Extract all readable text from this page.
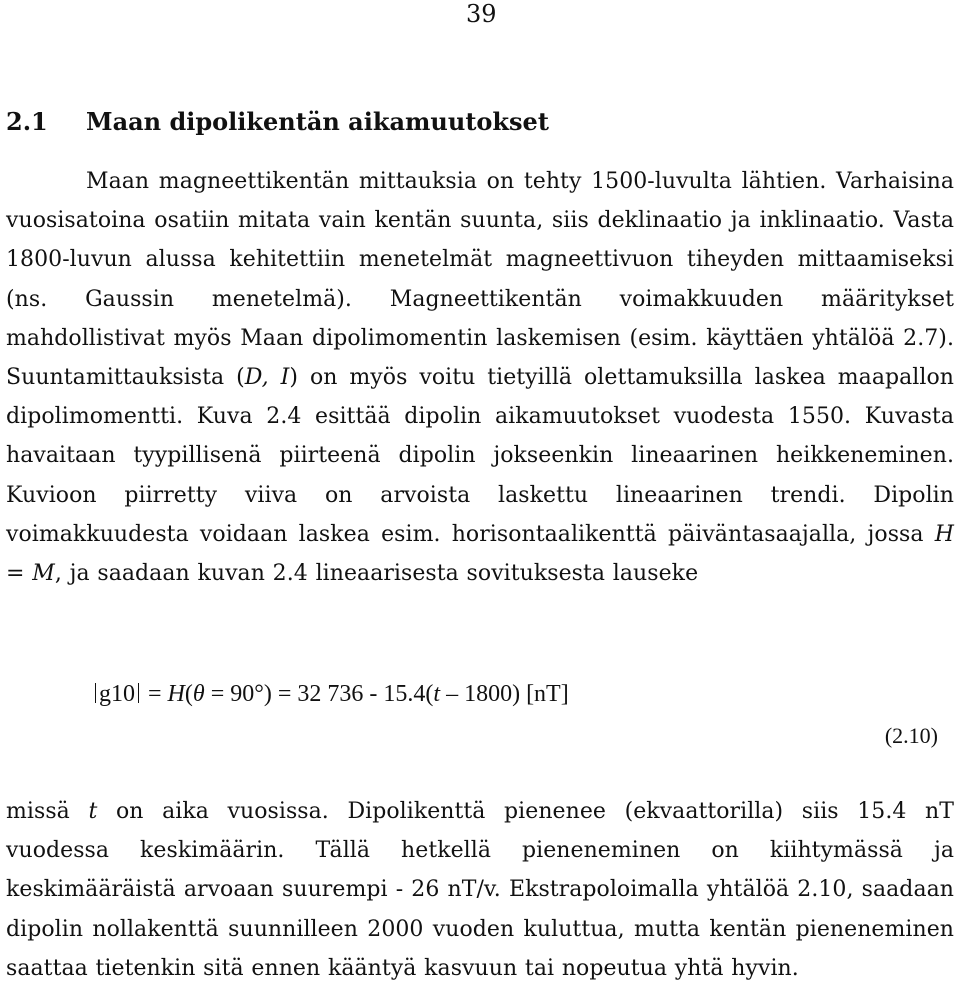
39
2.1 Maan dipolikentän aikamuutokset

Maan magneettikentän mittauksia on tehty 1500-luvulta lähtien. Varhaisina vuosisatoina osatiin mitata vain kentän suunta, siis deklinaatio ja inklinaatio. Vasta 1800-luvun alussa kehitettiin menetelmät magneettivuon tiheyden mittaamiseksi (ns. Gaussin menetelmä). Magneettikentän voimakkuuden määritykset mahdollistivat myös Maan dipolimomentin laskemisen (esim. käyttäen yhtälöä 2.7). Suuntamittauksista (D, I) on myös voitu tietyillä olettamuksilla laskea maapallon dipolimomentti. Kuva 2.4 esittää dipolin aikamuutokset vuodesta 1550. Kuvasta havaitaan tyypillisenä piirteenä dipolin jokseenkin lineaarinen heikkeneminen. Kuvioon piirretty viiva on arvoista laskettu lineaarinen trendi. Dipolin voimakkuudesta voidaan laskea esim. horisontaalikenttä päiväntasaajalla, jossa H = M, ja saadaan kuvan 2.4 lineaarisesta sovituksesta lauseke

g10 = H(θ = 90°) = 32 736 - 15.4(t – 1800) [nT]
(2.10)

missä t on aika vuosissa. Dipolikenttä pienenee (ekvaattorilla) siis 15.4 nT vuodessa keskimäärin. Tällä hetkellä pieneneminen on kiihtymässä ja keskimääräistä arvoaan suurempi - 26 nT/v. Ekstrapoloimalla yhtälöä 2.10, saadaan dipolin nollakenttä suunnilleen 2000 vuoden kuluttua, mutta kentän pieneneminen saattaa tietenkin sitä ennen kääntyä kasvuun tai nopeutua yhtä hyvin.
